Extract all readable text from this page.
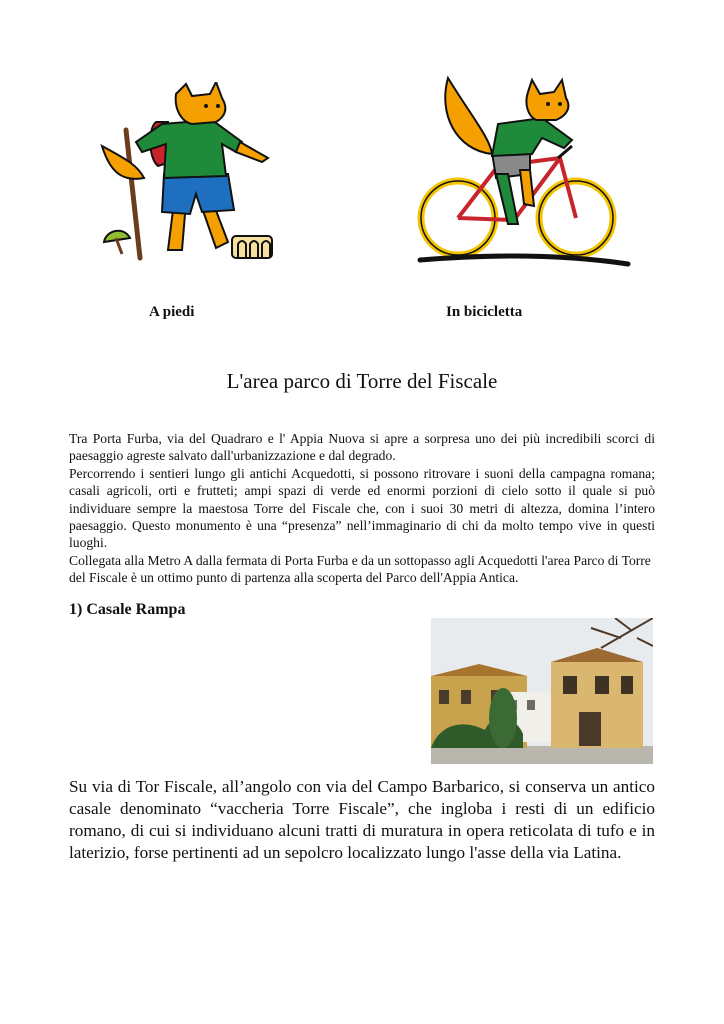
A piedi	In bicicletta

L'area parco di Torre del Fiscale

Tra Porta Furba, via del Quadraro e l' Appia Nuova si apre a sorpresa uno dei più incredibili scorci di paesaggio agreste salvato dall'urbanizzazione e dal degrado.

Percorrendo i sentieri lungo gli antichi Acquedotti, si possono ritrovare i suoni della campagna romana; casali agricoli, orti e frutteti; ampi spazi di verde ed enormi porzioni di cielo sotto il quale si può individuare sempre la maestosa Torre del Fiscale che, con i suoi 30 metri di altezza, domina l’intero paesaggio. Questo monumento è una “presenza” nell’immaginario di chi da molto tempo vive in questi luoghi.

Collegata alla Metro A dalla fermata di Porta Furba e da un sottopasso agli Acquedotti l'area Parco di Torre del Fiscale è un ottimo punto di partenza alla scoperta del Parco dell'Appia Antica.

1) Casale Rampa

Su via di Tor Fiscale, all’angolo con via del Campo Barbarico, si conserva un antico casale denominato “vaccheria Torre Fiscale”, che ingloba i resti di un edificio romano, di cui si individuano alcuni tratti di muratura in opera reticolata di tufo e in laterizio, forse pertinenti ad un sepolcro localizzato lungo l'asse della via Latina.
